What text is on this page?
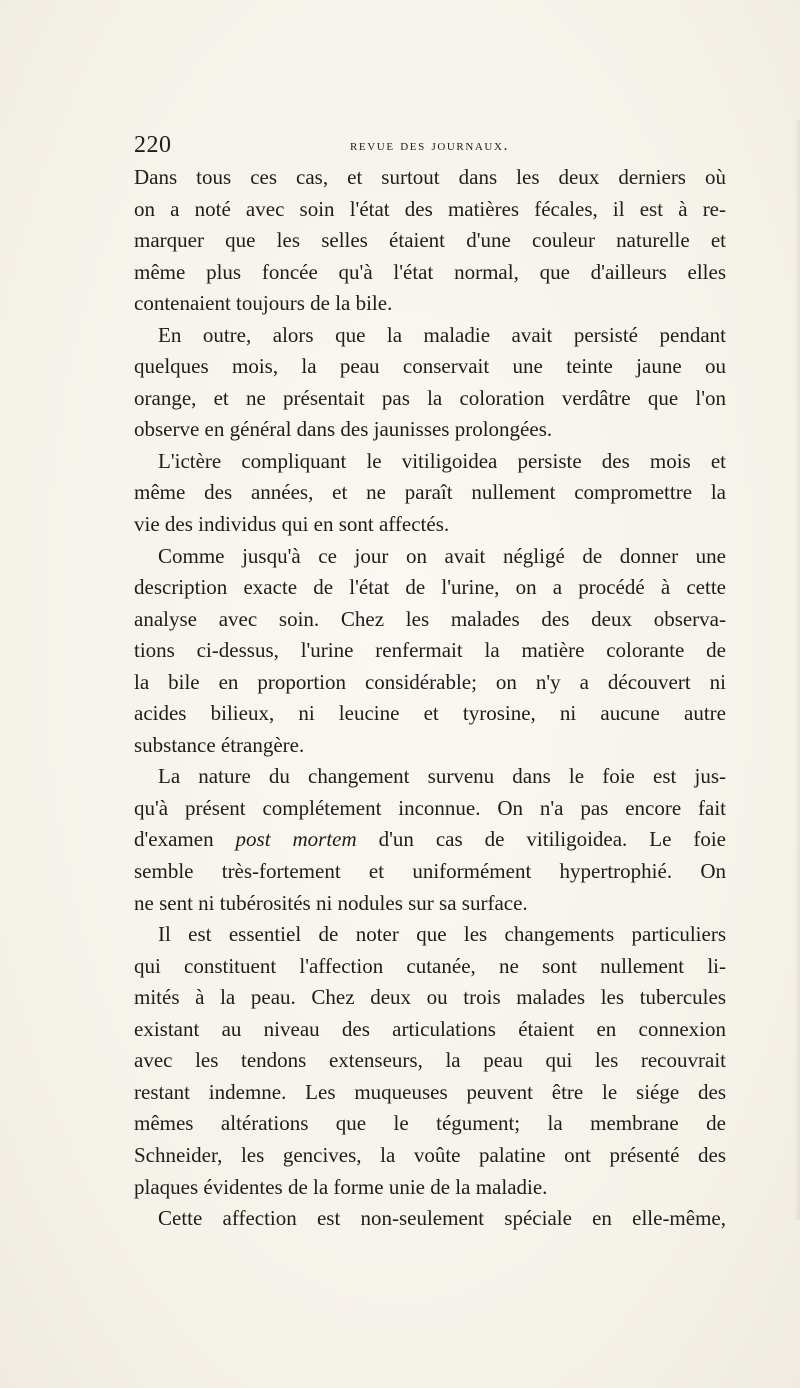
220	revue des journaux.
Dans tous ces cas, et surtout dans les deux derniers où
on a noté avec soin l'état des matières fécales, il est à re-
marquer que les selles étaient d'une couleur naturelle et
même plus foncée qu'à l'état normal, que d'ailleurs elles
contenaient toujours de la bile.
En outre, alors que la maladie avait persisté pendant
quelques mois, la peau conservait une teinte jaune ou
orange, et ne présentait pas la coloration verdâtre que l'on
observe en général dans des jaunisses prolongées.
L'ictère compliquant le vitiligoidea persiste des mois et
même des années, et ne paraît nullement compromettre la
vie des individus qui en sont affectés.
Comme jusqu'à ce jour on avait négligé de donner une
description exacte de l'état de l'urine, on a procédé à cette
analyse avec soin. Chez les malades des deux observa-
tions ci-dessus, l'urine renfermait la matière colorante de
la bile en proportion considérable; on n'y a découvert ni
acides bilieux, ni leucine et tyrosine, ni aucune autre
substance étrangère.
La nature du changement survenu dans le foie est jus-
qu'à présent complétement inconnue. On n'a pas encore fait
d'examen post mortem d'un cas de vitiligoidea. Le foie
semble très-fortement et uniformément hypertrophié. On
ne sent ni tubérosités ni nodules sur sa surface.
Il est essentiel de noter que les changements particuliers
qui constituent l'affection cutanée, ne sont nullement li-
mités à la peau. Chez deux ou trois malades les tubercules
existant au niveau des articulations étaient en connexion
avec les tendons extenseurs, la peau qui les recouvrait
restant indemne. Les muqueuses peuvent être le siége des
mêmes altérations que le tégument; la membrane de
Schneider, les gencives, la voûte palatine ont présenté des
plaques évidentes de la forme unie de la maladie.
Cette affection est non-seulement spéciale en elle-même,
